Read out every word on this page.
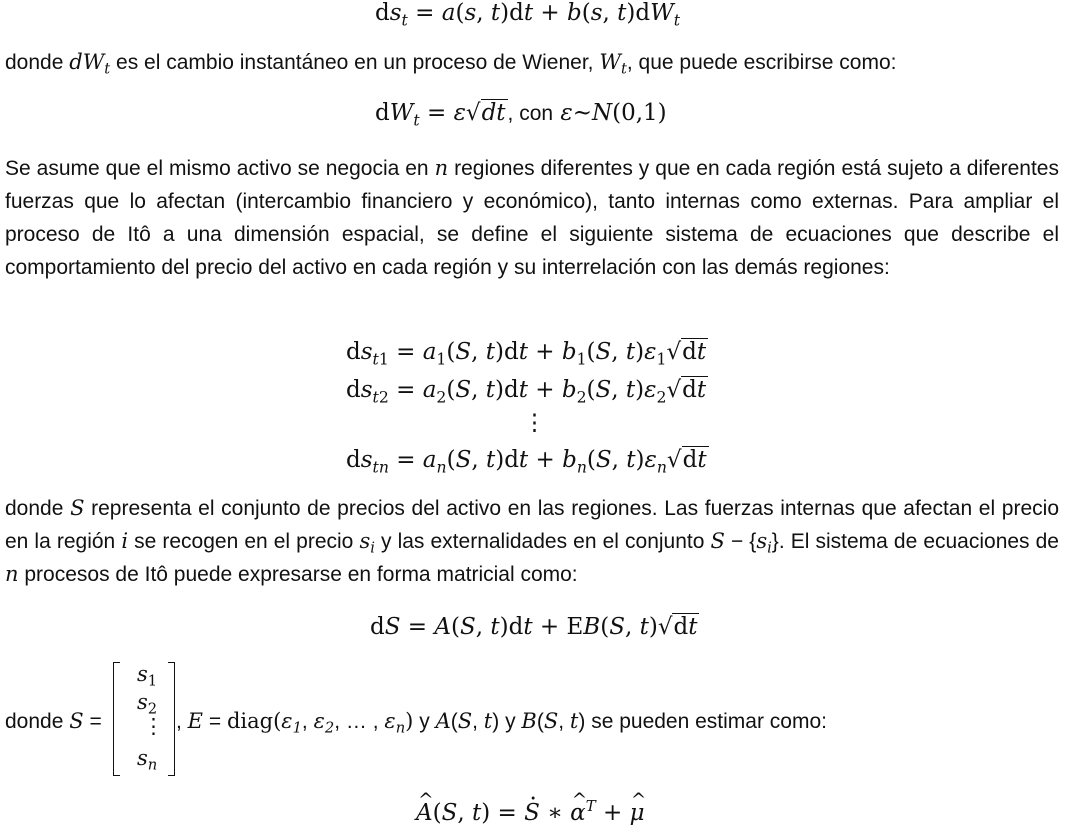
$ds_t = a(s$, t)dt + b(s, $t)dW_t$
donde $dW_t$ es el cambio instantáneo en un proceso de Wiener, $W_t$, que puede escribirse como:
$dW_t = \varepsilon√dt$, con ε~N(0,1)
Se asume que el mismo activo se negocia en n regiones diferentes y que en cada región está sujeto a diferentes fuerzas que lo afectan (intercambio financiero y económico), tanto internas como externas. Para ampliar el proceso de Itô a una dimensión espacial, se define el siguiente sistema de ecuaciones que describe el comportamiento del precio del activo en cada región y su interrelación con las demás regiones:
$ds_{t1} = a_1(S$, $t)dt + b_1(S$, $t)\varepsilon_1√dt$
$ds_{t2} = a_2(S$, $t)dt + b_2(S$, $t)\varepsilon_2√dt$
⋮
$ds_{tn} = a_n(S$, $t)dt + b_n(S$, $t)\varepsilon_n√dt$
donde S representa el conjunto de precios del activo en las regiones. Las fuerzas internas que afectan el precio en la región i se recogen en el precio $s_i$ y las externalidades en el conjunto $S - \{s_i\}$. El sistema de ecuaciones de n procesos de Itô puede expresarse en forma matricial como:
dS = A(S, t)dt + EB(S, t)√dt
donde S =
$s_1$
$s_2$
⋮
$s_n$
, $E = diag(\varepsilon_1$, $\varepsilon_2$, … , $\varepsilon_n$) y A(S, t) y B(S, t) se pueden estimar como:
^ A(S, t) = · S ∗ ^ $\alpha^T$ + ^ μ
